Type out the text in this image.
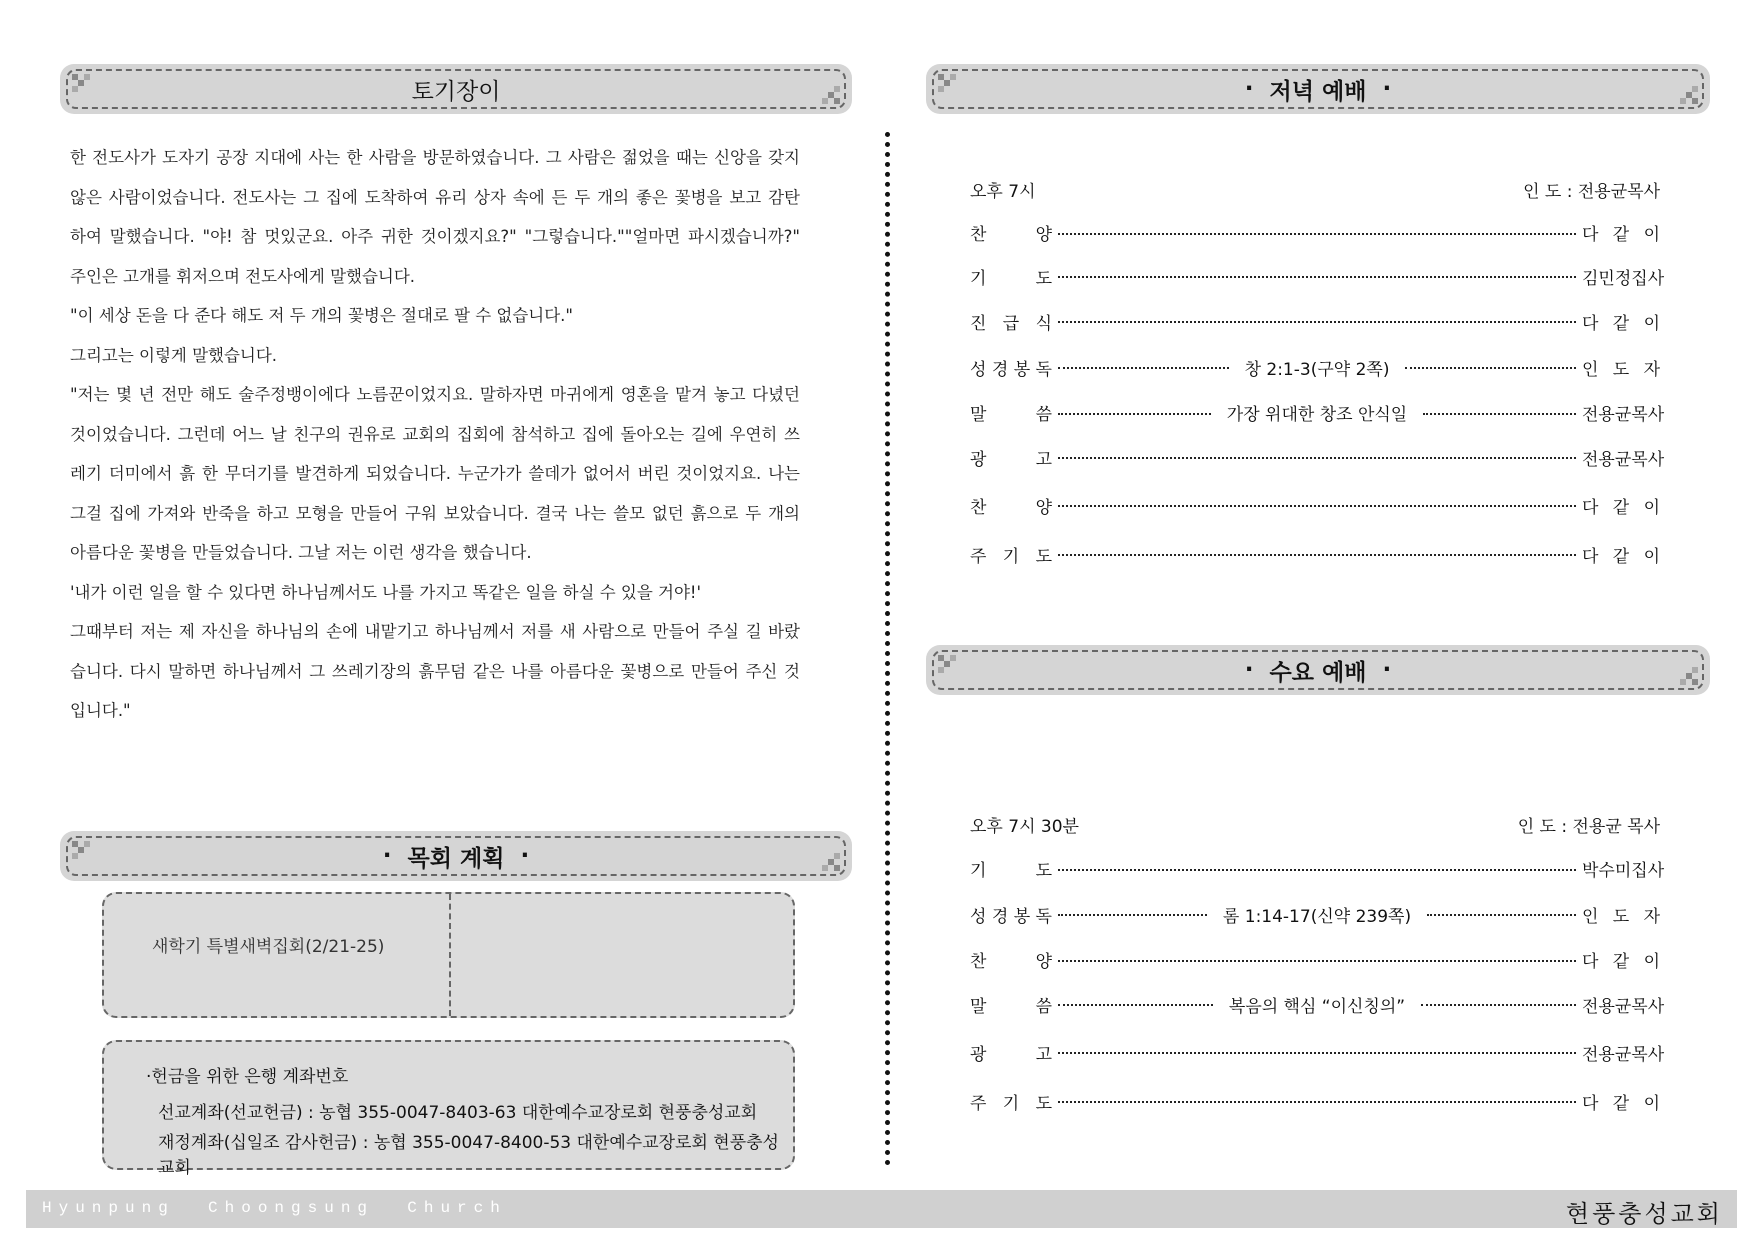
토기장이

한 전도사가 도자기 공장 지대에 사는 한 사람을 방문하였습니다. 그 사람은 젊었을 때는 신앙을 갖지

않은 사람이었습니다. 전도사는 그 집에 도착하여 유리 상자 속에 든 두 개의 좋은 꽃병을 보고 감탄

하여 말했습니다. "야! 참 멋있군요. 아주 귀한 것이겠지요?" "그렇습니다.""얼마면 파시겠습니까?"

주인은 고개를 휘저으며 전도사에게 말했습니다.

"이 세상 돈을 다 준다 해도 저 두 개의 꽃병은 절대로 팔 수 없습니다."

그리고는 이렇게 말했습니다.

"저는 몇 년 전만 해도 술주정뱅이에다 노름꾼이었지요. 말하자면 마귀에게 영혼을 맡겨 놓고 다녔던

것이었습니다. 그런데 어느 날 친구의 권유로 교회의 집회에 참석하고 집에 돌아오는 길에 우연히 쓰

레기 더미에서 흙 한 무더기를 발견하게 되었습니다. 누군가가 쓸데가 없어서 버린 것이었지요. 나는

그걸 집에 가져와 반죽을 하고 모형을 만들어 구워 보았습니다. 결국 나는 쓸모 없던 흙으로 두 개의

아름다운 꽃병을 만들었습니다. 그날 저는 이런 생각을 했습니다.

'내가 이런 일을 할 수 있다면 하나님께서도 나를 가지고 똑같은 일을 하실 수 있을 거야!'

그때부터 저는 제 자신을 하나님의 손에 내맡기고 하나님께서 저를 새 사람으로 만들어 주실 길 바랐

습니다. 다시 말하면 하나님께서 그 쓰레기장의 흙무덤 같은 나를 아름다운 꽃병으로 만들어 주신 것

입니다."

· 목회 계획 ·
새학기 특별새벽집회(2/21-25)
·헌금을 위한 은행 계좌번호
선교계좌(선교헌금) : 농협 355-0047-8403-63 대한예수교장로회 현풍충성교회
재정계좌(십일조 감사헌금) : 농협 355-0047-8400-53 대한예수교장로회 현풍충성교회
· 저녁 예배 ·
오후 7시	인 도 : 전용균목사
찬	양	다 같 이
기	도	김민정집사
진 급 식	다 같 이
성 경 봉 독	창 2:1-3(구약 2쪽)	인 도 자
말	씀	가장 위대한 창조 안식일	전용균목사
광	고	전용균목사
찬	양	다 같 이
주 기 도	다 같 이
· 수요 예배 ·
오후 7시 30분	인 도 : 전용균 목사
기	도	박수미집사
성 경 봉 독	롬 1:14-17(신약 239쪽)	인 도 자
찬	양	다 같 이
말	씀	복음의 핵심 “이신칭의”	전용균목사
광	고	전용균목사
주 기 도	다 같 이
Hyunpung  Choongsung  Church	현풍충성교회
